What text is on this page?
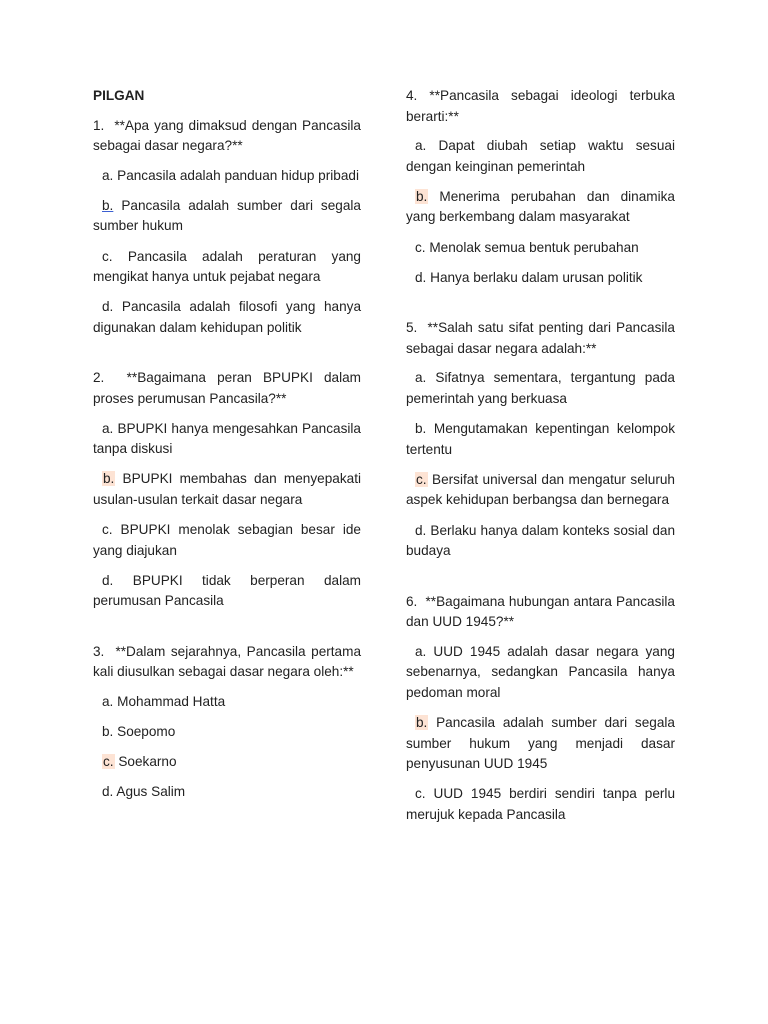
PILGAN
1. **Apa yang dimaksud dengan Pancasila sebagai dasar negara?**
a. Pancasila adalah panduan hidup pribadi
b. Pancasila adalah sumber dari segala sumber hukum
c. Pancasila adalah peraturan yang mengikat hanya untuk pejabat negara
d. Pancasila adalah filosofi yang hanya digunakan dalam kehidupan politik
2. **Bagaimana peran BPUPKI dalam proses perumusan Pancasila?**
a. BPUPKI hanya mengesahkan Pancasila tanpa diskusi
b. BPUPKI membahas dan menyepakati usulan-usulan terkait dasar negara
c. BPUPKI menolak sebagian besar ide yang diajukan
d. BPUPKI tidak berperan dalam perumusan Pancasila
3. **Dalam sejarahnya, Pancasila pertama kali diusulkan sebagai dasar negara oleh:**
a. Mohammad Hatta
b. Soepomo
c. Soekarno
d. Agus Salim
4. **Pancasila sebagai ideologi terbuka berarti:**
a. Dapat diubah setiap waktu sesuai dengan keinginan pemerintah
b. Menerima perubahan dan dinamika yang berkembang dalam masyarakat
c. Menolak semua bentuk perubahan
d. Hanya berlaku dalam urusan politik
5. **Salah satu sifat penting dari Pancasila sebagai dasar negara adalah:**
a. Sifatnya sementara, tergantung pada pemerintah yang berkuasa
b. Mengutamakan kepentingan kelompok tertentu
c. Bersifat universal dan mengatur seluruh aspek kehidupan berbangsa dan bernegara
d. Berlaku hanya dalam konteks sosial dan budaya
6. **Bagaimana hubungan antara Pancasila dan UUD 1945?**
a. UUD 1945 adalah dasar negara yang sebenarnya, sedangkan Pancasila hanya pedoman moral
b. Pancasila adalah sumber dari segala sumber hukum yang menjadi dasar penyusunan UUD 1945
c. UUD 1945 berdiri sendiri tanpa perlu merujuk kepada Pancasila
